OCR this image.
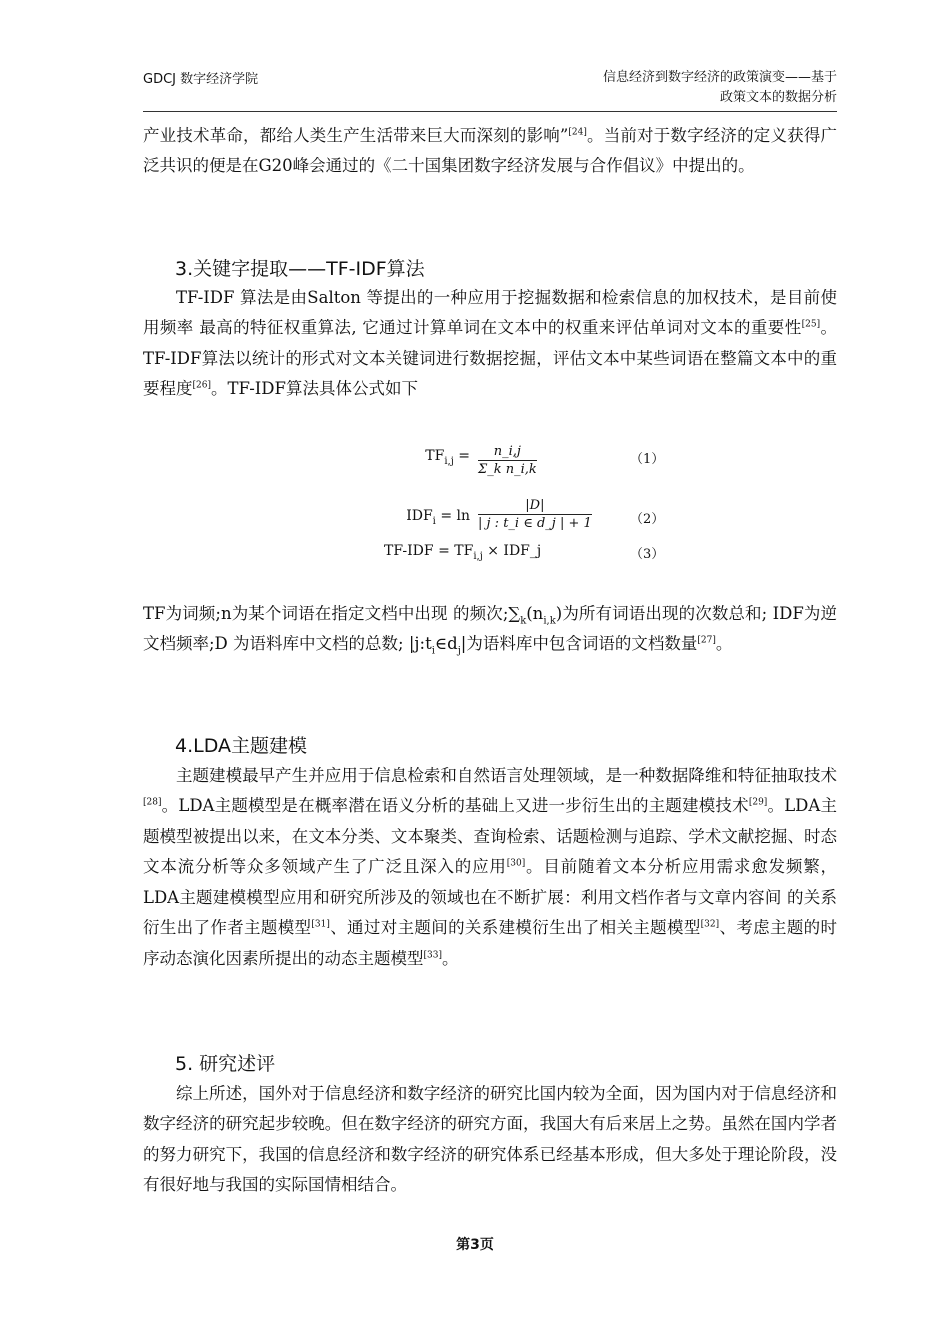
GDCJ 数字经济学院	信息经济到数字经济的政策演变——基于
政策文本的数据分析

产业技术革命，都给人类生产生活带来巨大而深刻的影响”[24]。当前对于数字经济的定义获得广泛共识的便是在G20峰会通过的《二十国集团数字经济发展与合作倡议》中提出的。

3.关键字提取——TF-IDF算法

TF-IDF 算法是由Salton 等提出的一种应用于挖掘数据和检索信息的加权技术，是目前使用频率 最高的特征权重算法, 它通过计算单词在文本中的权重来评估单词对文本的重要性[25]。TF-IDF算法以统计的形式对文本关键词进行数据挖掘，评估文本中某些词语在整篇文本中的重要程度[26]。TF-IDF算法具体公式如下

$TF_{i,j} = \frac{n\_i,j}{\text{Σ\_k n\_i,k}}$	（1）
$IDF_i = \ln \frac{|D|}{| j : t\_i \in d\_j | + 1}$	（2）
$TF-IDF = TF_{i,j}$ × IDF_j	（3）

TF为词频;n为某个词语在指定文档中出现 的频次$;\sum_k(n_{i,k})$为所有词语出现的次数总和; IDF为逆文档频率;D 为语料库中文档的总数; $|j:t_i\in d_j|$为语料库中包含词语的文档数量[27]。

4.LDA主题建模

主题建模最早产生并应用于信息检索和自然语言处理领域，是一种数据降维和特征抽取技术[28]。LDA主题模型是在概率潜在语义分析的基础上又进一步衍生出的主题建模技术[29]。LDA主题模型被提出以来，在文本分类、文本聚类、查询检索、话题检测与追踪、学术文献挖掘、时态文本流分析等众多领域产生了广泛且深入的应用[30]。目前随着文本分析应用需求愈发频繁，LDA主题建模模型应用和研究所涉及的领域也在不断扩展：利用文档作者与文章内容间 的关系衍生出了作者主题模型[31]、通过对主题间的关系建模衍生出了相关主题模型[32]、考虑主题的时序动态演化因素所提出的动态主题模型[33]。

5. 研究述评

综上所述，国外对于信息经济和数字经济的研究比国内较为全面，因为国内对于信息经济和数字经济的研究起步较晚。但在数字经济的研究方面，我国大有后来居上之势。虽然在国内学者的努力研究下，我国的信息经济和数字经济的研究体系已经基本形成，但大多处于理论阶段，没有很好地与我国的实际国情相结合。

第3页
